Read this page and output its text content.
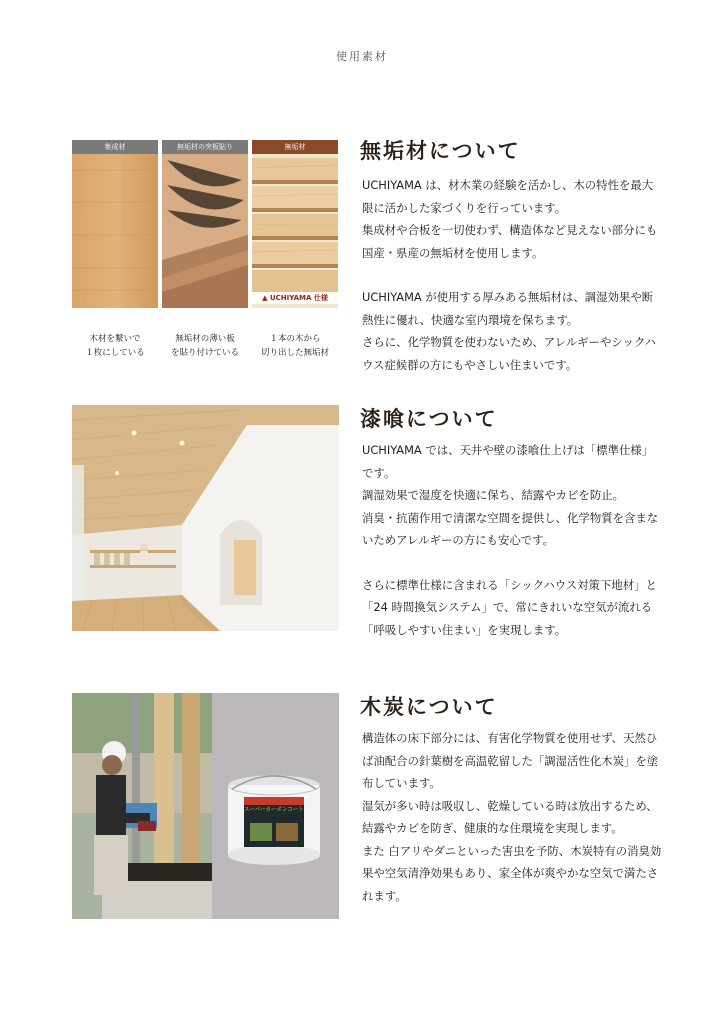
使用素材
集成材
木材を繋いで
１枚にしている
無垢材の突板貼り
無垢材の薄い板
を貼り付けている
無垢材
▲ UCHIYAMA 仕様
１本の木から
切り出した無垢材
無垢材について

UCHIYAMA は、材木業の経験を活かし、木の特性を最大限に活かした家づくりを行っています。

集成材や合板を一切使わず、構造体など見えない部分にも国産・県産の無垢材を使用します。

UCHIYAMA が使用する厚みある無垢材は、調湿効果や断熱性に優れ、快適な室内環境を保ちます。

さらに、化学物質を使わないため、アレルギーやシックハウス症候群の方にもやさしい住まいです。

漆喰について

UCHIYAMA では、天井や壁の漆喰仕上げは「標準仕様」です。

調湿効果で湿度を快適に保ち、結露やカビを防止。

消臭・抗菌作用で清潔な空間を提供し、化学物質を含まないためアレルギーの方にも安心です。

さらに標準仕様に含まれる「シックハウス対策下地材」と「24 時間換気システム」で、常にきれいな空気が流れる「呼吸しやすい住まい」を実現します。

スーパーカーボンコート
木炭について

構造体の床下部分には、有害化学物質を使用せず、天然ひば油配合の針葉樹を高温乾留した「調湿活性化木炭」を塗布しています。

湿気が多い時は吸収し、乾燥している時は放出するため、結露やカビを防ぎ、健康的な住環境を実現します。

また 白アリやダニといった害虫を予防、木炭特有の消臭効果や空気清浄効果もあり、家全体が爽やかな空気で満たされます。
